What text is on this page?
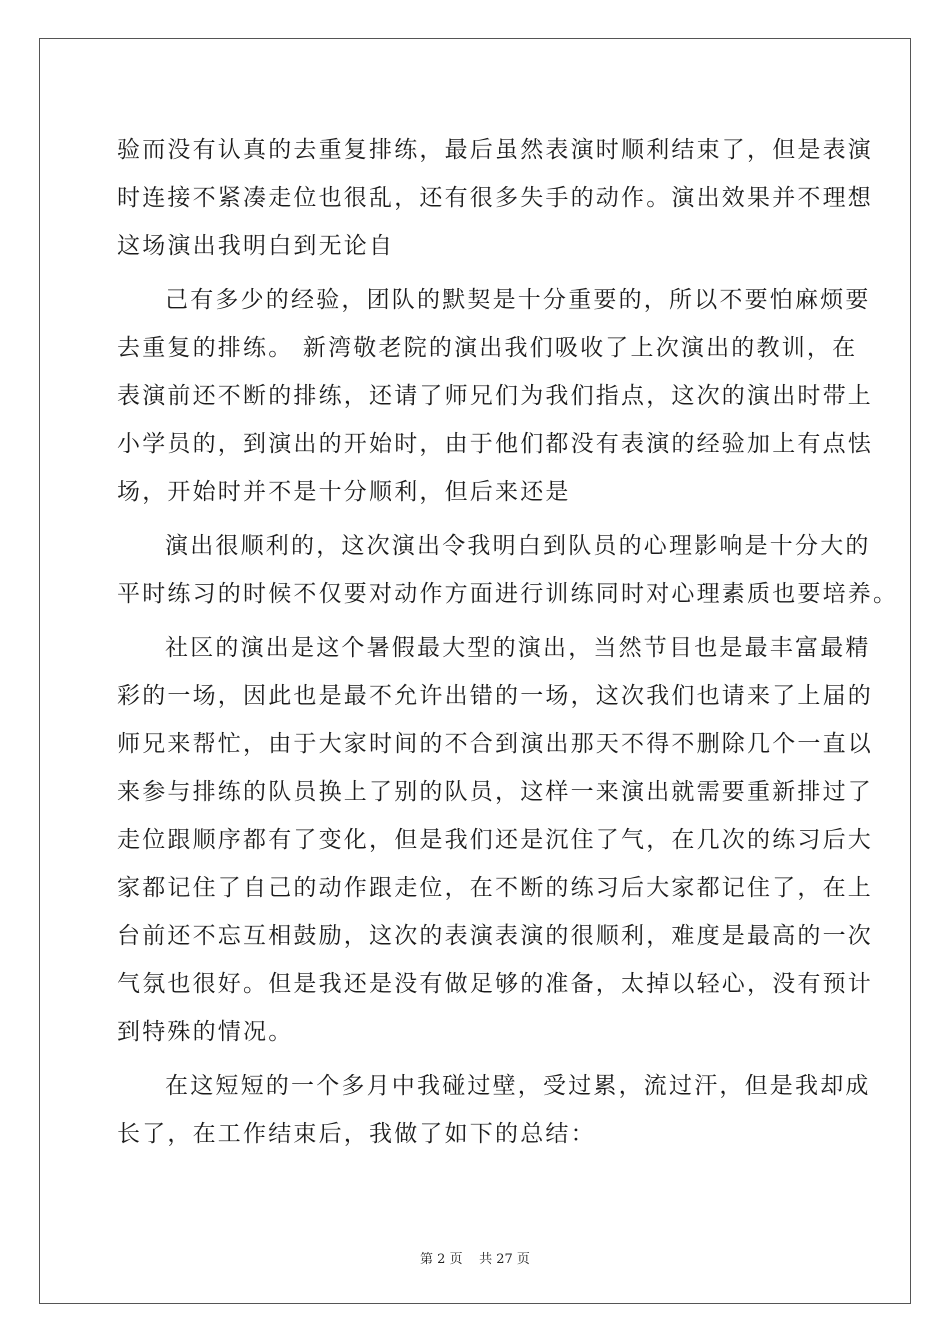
验而没有认真的去重复排练，最后虽然表演时顺利结束了，但是表演
时连接不紧凑走位也很乱，还有很多失手的动作。演出效果并不理想
这场演出我明白到无论自
己有多少的经验，团队的默契是十分重要的，所以不要怕麻烦要
去重复的排练。 新湾敬老院的演出我们吸收了上次演出的教训，在
表演前还不断的排练，还请了师兄们为我们指点，这次的演出时带上
小学员的，到演出的开始时，由于他们都没有表演的经验加上有点怯
场，开始时并不是十分顺利，但后来还是
演出很顺利的，这次演出令我明白到队员的心理影响是十分大的
平时练习的时候不仅要对动作方面进行训练同时对心理素质也要培养。
社区的演出是这个暑假最大型的演出，当然节目也是最丰富最精
彩的一场，因此也是最不允许出错的一场，这次我们也请来了上届的
师兄来帮忙，由于大家时间的不合到演出那天不得不删除几个一直以
来参与排练的队员换上了别的队员，这样一来演出就需要重新排过了
走位跟顺序都有了变化，但是我们还是沉住了气，在几次的练习后大
家都记住了自己的动作跟走位，在不断的练习后大家都记住了，在上
台前还不忘互相鼓励，这次的表演表演的很顺利，难度是最高的一次
气氛也很好。但是我还是没有做足够的准备，太掉以轻心，没有预计
到特殊的情况。
在这短短的一个多月中我碰过壁，受过累，流过汗，但是我却成
长了，在工作结束后，我做了如下的总结：
第 2 页 共 27 页
